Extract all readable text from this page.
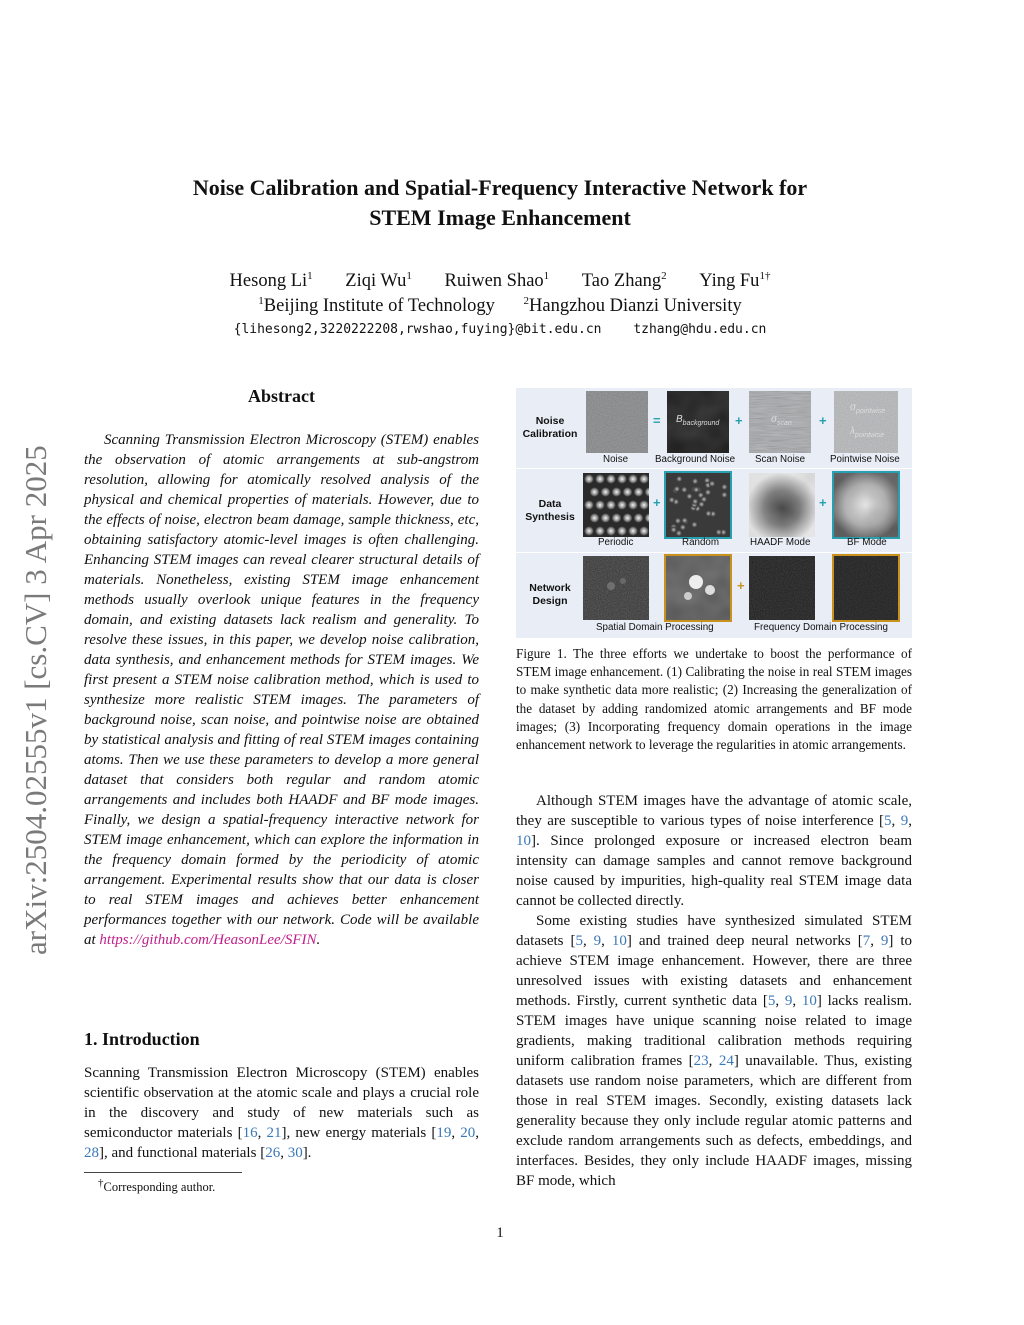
Noise Calibration and Spatial-Frequency Interactive Network for
STEM Image Enhancement
Hesong Li$^1$ Ziqi Wu$^1$ Ruiwen Shao$^1$ Tao Zhang$^2$ Ying $Fu^{1\dagger}$
$^1$Beijing Institute of Technology	$^2$Hangzhou Dianzi University
{lihesong2,3220222208,rwshao,fuying}@bit.edu.cn tzhang@hdu.edu.cn
arXiv:2504.02555v1 [cs.CV] 3 Apr 2025
Abstract
Scanning Transmission Electron Microscopy (STEM) enables the observation of atomic arrangements at sub-angstrom resolution, allowing for atomically resolved analysis of the physical and chemical properties of materials. However, due to the effects of noise, electron beam damage, sample thickness, etc, obtaining satisfactory atomic-level images is often challenging. Enhancing STEM images can reveal clearer structural details of materials. Nonetheless, existing STEM image enhancement methods usually overlook unique features in the frequency domain, and existing datasets lack realism and generality. To resolve these issues, in this paper, we develop noise calibration, data synthesis, and enhancement methods for STEM images. We first present a STEM noise calibration method, which is used to synthesize more realistic STEM images. The parameters of background noise, scan noise, and pointwise noise are obtained by statistical analysis and fitting of real STEM images containing atoms. Then we use these parameters to develop a more general dataset that considers both regular and random atomic arrangements and includes both HAADF and BF mode images. Finally, we design a spatial-frequency interactive network for STEM image enhancement, which can explore the information in the frequency domain formed by the periodicity of atomic arrangement. Experimental results show that our data is closer to real STEM images and achieves better enhancement performances together with our network. Code will be available at https://github.com/HeasonLee/SFIN.
1. Introduction
Scanning Transmission Electron Microscopy (STEM) enables scientific observation at the atomic scale and plays a crucial role in the discovery and study of new materials such as semiconductor materials [16, 21], new energy materials [19, 20, 28], and functional materials [26, 30].
†Corresponding author.
1
Noise
Calibration
= $B_{background}$ +	$\sigma_{scan}$ +
$\sigma_{pointwise}$
$\lambda_{pointwise}$
Noise	Background Noise Scan Noise	Pointwise Noise
Data
Synthesis
+	+
Periodic	Random	HAADF Mode	BF Mode
Network
Design
+
Spatial Domain Processing	Frequency Domain Processing
Figure 1. The three efforts we undertake to boost the performance of STEM image enhancement. (1) Calibrating the noise in real STEM images to make synthetic data more realistic; (2) Increasing the generalization of the dataset by adding randomized atomic arrangements and BF mode images; (3) Incorporating frequency domain operations in the image enhancement network to leverage the regularities in atomic arrangements.

Although STEM images have the advantage of atomic scale, they are susceptible to various types of noise interference [5, 9, 10]. Since prolonged exposure or increased electron beam intensity can damage samples and cannot remove background noise caused by impurities, high-quality real STEM image data cannot be collected directly.

Some existing studies have synthesized simulated STEM datasets [5, 9, 10] and trained deep neural networks [7, 9] to achieve STEM image enhancement. However, there are three unresolved issues with existing datasets and enhancement methods. Firstly, current synthetic data [5, 9, 10] lacks realism. STEM images have unique scanning noise related to image gradients, making traditional calibration methods requiring uniform calibration frames [23, 24] unavailable. Thus, existing datasets use random noise parameters, which are different from those in real STEM images. Secondly, existing datasets lack generality because they only include regular atomic patterns and exclude random arrangements such as defects, embeddings, and interfaces. Besides, they only include HAADF images, missing BF mode, which
